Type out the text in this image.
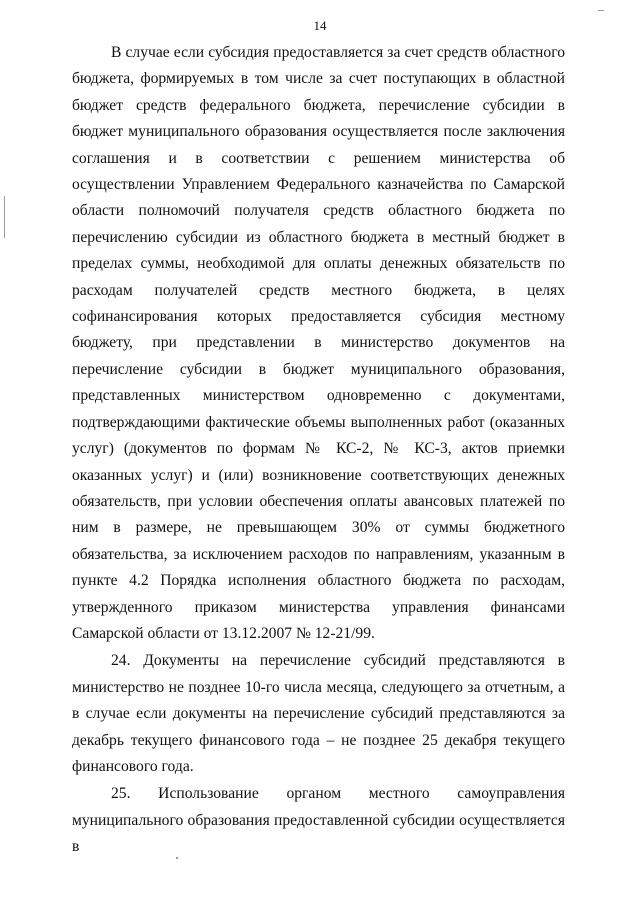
14

В случае если субсидия предоставляется за счет средств областного бюджета, формируемых в том числе за счет поступающих в областной бюджет средств федерального бюджета, перечисление субсидии в бюджет муниципального образования осуществляется после заключения соглашения и в соответствии с решением министерства об осуществлении Управлением Федерального казначейства по Самарской области полномочий получателя средств областного бюджета по перечислению субсидии из областного бюджета в местный бюджет в пределах суммы, необходимой для оплаты денежных обязательств по расходам получателей средств местного бюджета, в целях софинансирования которых предоставляется субсидия местному бюджету, при представлении в министерство документов на перечисление субсидии в бюджет муниципального образования, представленных министерством одновременно с документами, подтверждающими фактические объемы выполненных работ (оказанных услуг) (документов по формам № КС-2, № КС-3, актов приемки оказанных услуг) и (или) возникновение соответствующих денежных обязательств, при условии обеспечения оплаты авансовых платежей по ним в размере, не превышающем 30% от суммы бюджетного обязательства, за исключением расходов по направлениям, указанным в пункте 4.2 Порядка исполнения областного бюджета по расходам, утвержденного приказом министерства управления финансами Самарской области от 13.12.2007 № 12-21/99.

24. Документы на перечисление субсидий представляются в министерство не позднее 10-го числа месяца, следующего за отчетным, а в случае если документы на перечисление субсидий представляются за декабрь текущего финансового года – не позднее 25 декабря текущего финансового года.

25. Использование органом местного самоуправления муниципального образования предоставленной субсидии осуществляется в
